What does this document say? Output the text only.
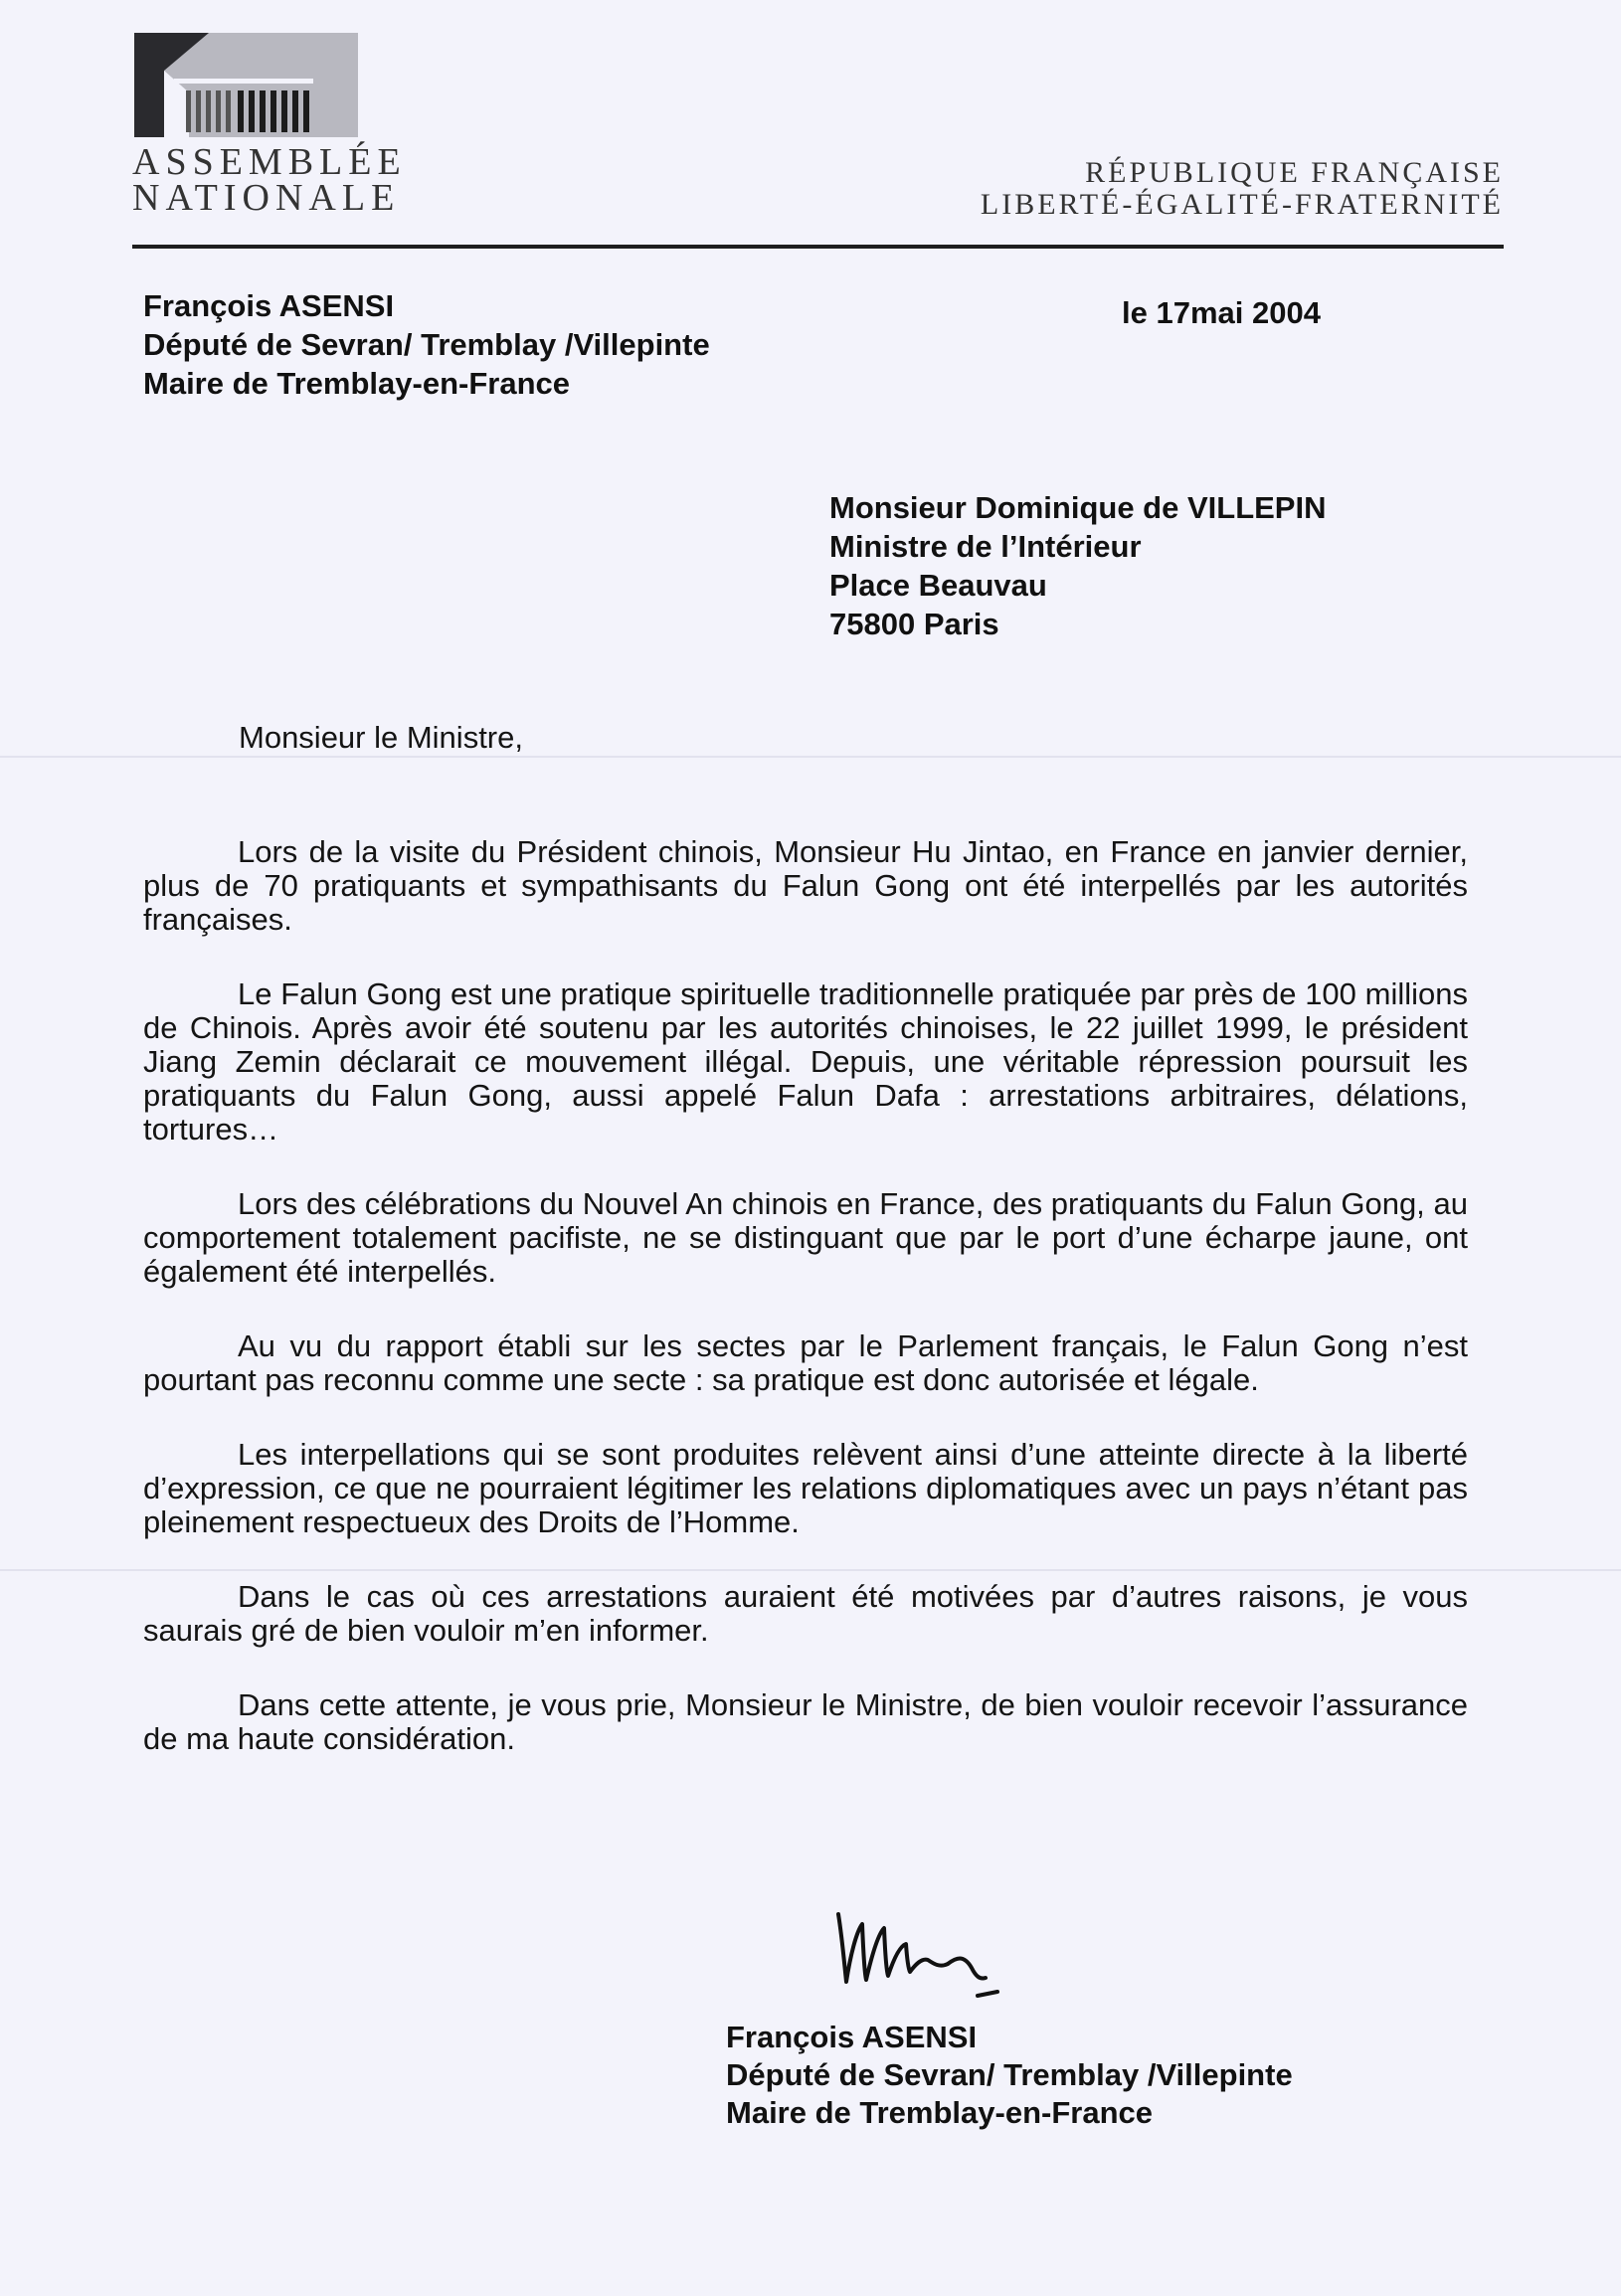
ASSEMBLÉE
NATIONALE
RÉPUBLIQUE FRANÇAISE
LIBERTÉ-ÉGALITÉ-FRATERNITÉ
François ASENSI
Député de Sevran/ Tremblay /Villepinte
Maire de Tremblay-en-France
le 17mai 2004
Monsieur Dominique de VILLEPIN
Ministre de l’Intérieur
Place Beauvau
75800 Paris
Monsieur le Ministre,

Lors de la visite du Président chinois, Monsieur Hu Jintao, en France en janvier dernier, plus de 70 pratiquants et sympathisants du Falun Gong ont été interpellés par les autorités françaises.

Le Falun Gong est une pratique spirituelle traditionnelle pratiquée par près de 100 millions de Chinois. Après avoir été soutenu par les autorités chinoises, le 22 juillet 1999, le président Jiang Zemin déclarait ce mouvement illégal. Depuis, une véritable répression poursuit les pratiquants du Falun Gong, aussi appelé Falun Dafa : arrestations arbitraires, délations, tortures…

Lors des célébrations du Nouvel An chinois en France, des pratiquants du Falun Gong, au comportement totalement pacifiste, ne se distinguant que par le port d’une écharpe jaune, ont également été interpellés.

Au vu du rapport établi sur les sectes par le Parlement français, le Falun Gong n’est pourtant pas reconnu comme une secte : sa pratique est donc autorisée et légale.

Les interpellations qui se sont produites relèvent ainsi d’une atteinte directe à la liberté d’expression, ce que ne pourraient légitimer les relations diplomatiques avec un pays n’étant pas pleinement respectueux des Droits de l’Homme.

Dans le cas où ces arrestations auraient été motivées par d’autres raisons, je vous saurais gré de bien vouloir m’en informer.

Dans cette attente, je vous prie, Monsieur le Ministre, de bien vouloir recevoir l’assurance de ma haute considération.

François ASENSI
Député de Sevran/ Tremblay /Villepinte
Maire de Tremblay-en-France
